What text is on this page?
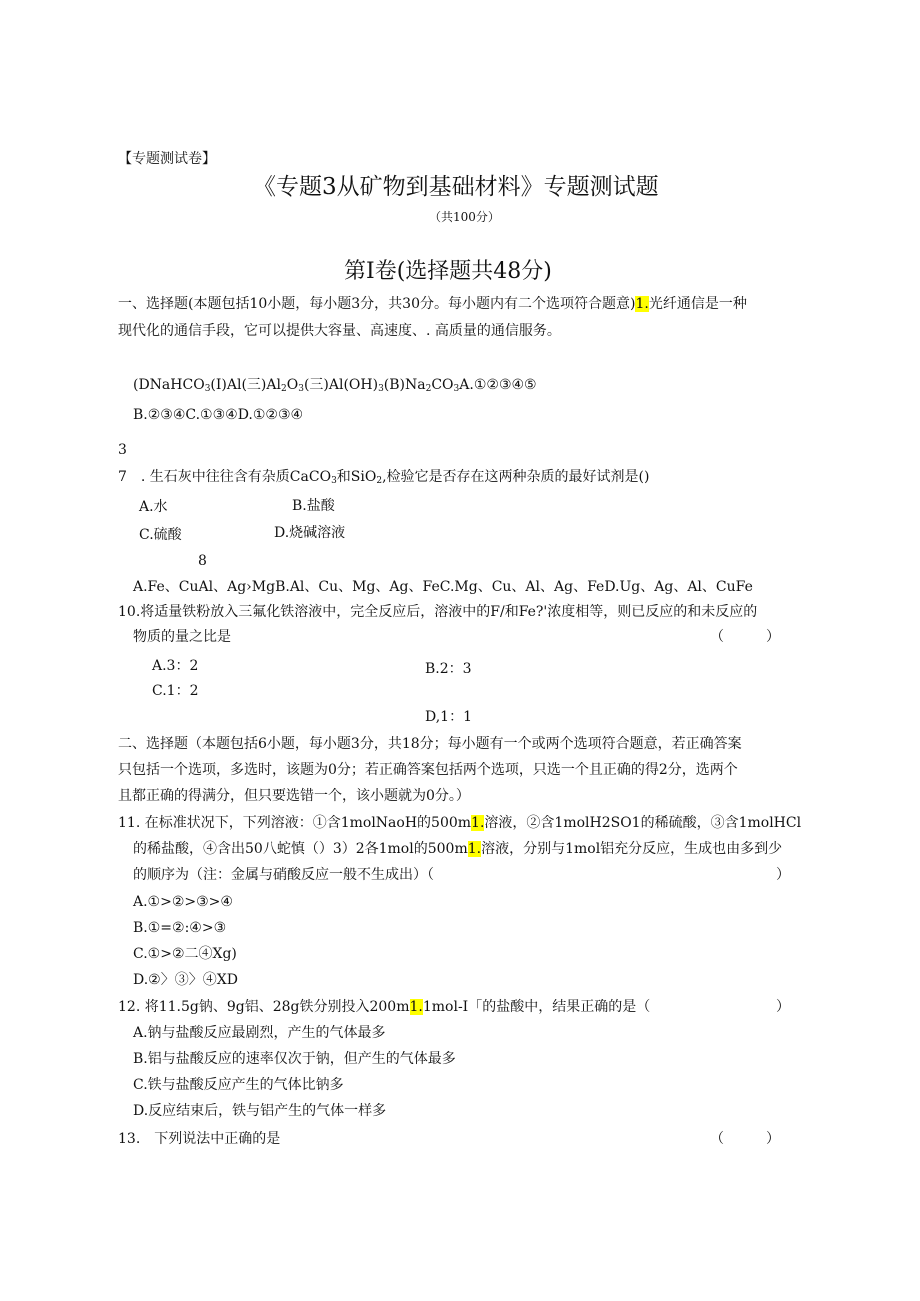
【专题测试卷】
《专题3从矿物到基础材料》专题测试题
（共100分）
第I卷(选择题共48分)
一、选择题(本题包括10小题，每小题3分，共30分。每小题内有二个选项符合题意)1.光纤通信是一种
现代化的通信手段，它可以提供大容量、高速度、. 高质量的通信服务。
(DNaHCO$_3$(I)Al(三)$Al_2O_3$(三)$Al(OH)_3(B)Na_2CO_3A.①②③④⑤$
B.②③④C.①③④D.①②③④
3
7　. 生石灰中往往含有杂质CaCO$_3$和SiO$_2$,检验它是否存在这两种杂质的最好试剂是()
A.水	B.盐酸
C.硫酸	D.烧碱溶液
8
A.Fe、CuAl、Ag›MgB.Al、Cu、Mg、Ag、FeC.Mg、Cu、Al、Ag、FeD.Ug、Ag、Al、CuFe
10.将适量铁粉放入三氟化铁溶液中，完全反应后，溶液中的F/和Fe?'浓度相等，则已反应的和未反应的
物质的量之比是	（　　　）
A.3：2	B.2：3
C.1：2
D,1：1
二、选择题（本题包括6小题，每小题3分，共18分；每小题有一个或两个选项符合题意，若正确答案
只包括一个选项，多选时，该题为0分；若正确答案包括两个选项，只选一个且正确的得2分，选两个
且都正确的得满分，但只要选错一个，该小题就为0分。）
11. 在标准状况下，下列溶液：①含1molNaoH的500m1.溶液，②含1molH2SO1的稀硫酸，③含1molHCl
的稀盐酸，④含出50八蛇慎（）3）2各1mol的500m1.溶液，分别与1mol铝充分反应，生成也由多到少
的顺序为（注：金属与硝酸反应一般不生成出）（	）
A.①>②>③>④
B.①=②:④>③
C.①>②二④Xg)
D.②〉③〉④XD
12. 将11.5g钠、9g铝、28g铁分别投入200m1.1mol-I「的盐酸中，结果正确的是（	）
A.钠与盐酸反应最剧烈，产生的气体最多
B.铝与盐酸反应的速率仅次于钠，但产生的气体最多
C.铁与盐酸反应产生的气体比钠多
D.反应结束后，铁与铝产生的气体一样多
13.　下列说法中正确的是	（　　　）
